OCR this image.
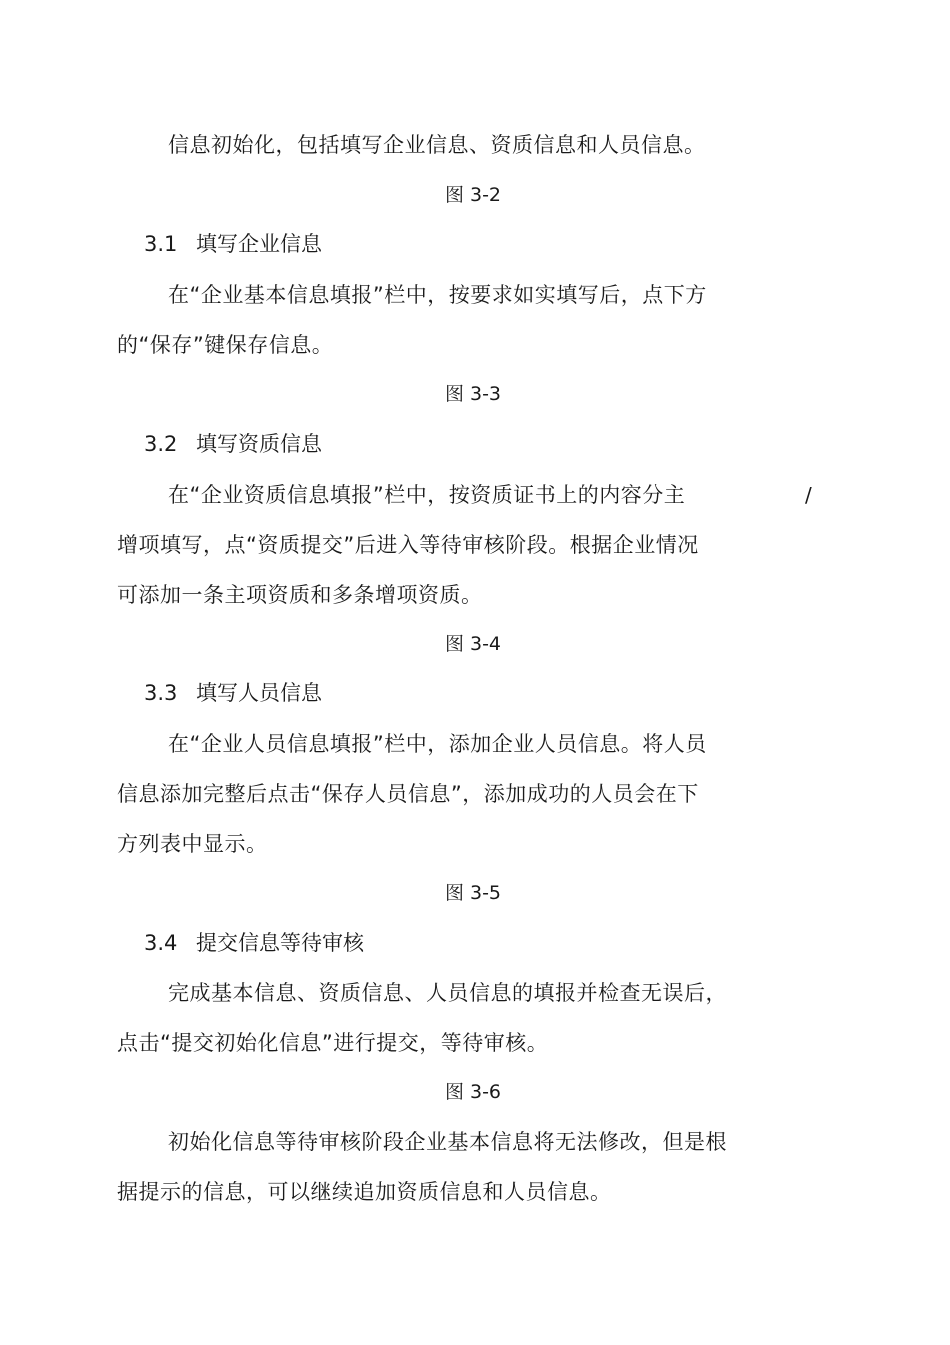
信息初始化，包括填写企业信息、资质信息和人员信息。
图 3-2
3.1 填写企业信息
在“企业基本信息填报”栏中，按要求如实填写后，点下方
的“保存”键保存信息。
图 3-3
3.2 填写资质信息
在“企业资质信息填报”栏中，按资质证书上的内容分主	/
增项填写，点“资质提交”后进入等待审核阶段。根据企业情况
可添加一条主项资质和多条增项资质。
图 3-4
3.3 填写人员信息
在“企业人员信息填报”栏中，添加企业人员信息。将人员
信息添加完整后点击“保存人员信息”，添加成功的人员会在下
方列表中显示。
图 3-5
3.4 提交信息等待审核
完成基本信息、资质信息、人员信息的填报并检查无误后，
点击“提交初始化信息”进行提交，等待审核。
图 3-6
初始化信息等待审核阶段企业基本信息将无法修改，但是根
据提示的信息，可以继续追加资质信息和人员信息。
